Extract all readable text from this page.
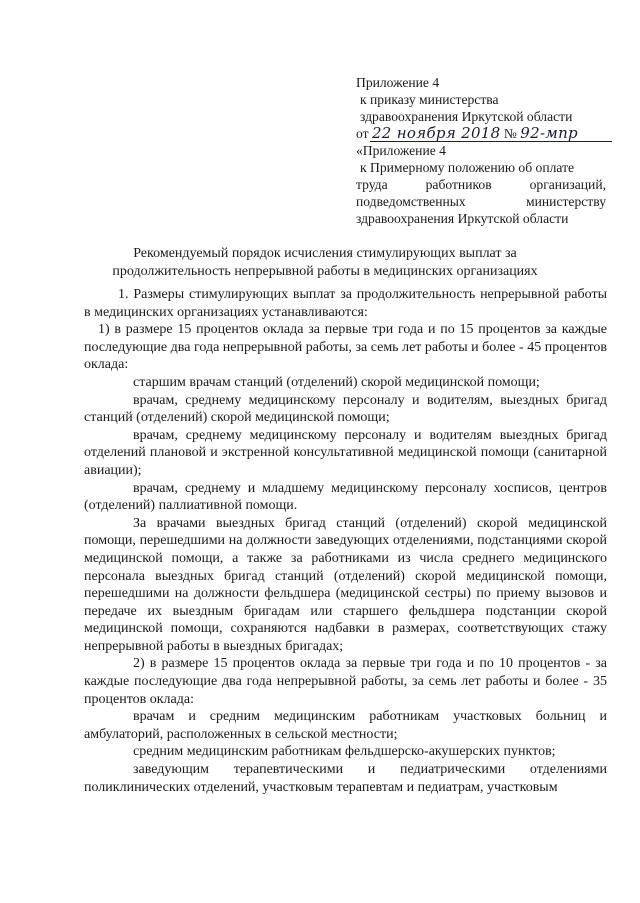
Приложение 4
к приказу министерства
здравоохранения Иркутской области
от 22 ноября 2018 № 92-мпр
«Приложение 4
к Примерному положению об оплате
труда	работников	организаций,
подведомственных	министерству
здравоохранения Иркутской области
Рекомендуемый порядок исчисления стимулирующих выплат за
продолжительность непрерывной работы в медицинских организациях

1. Размеры стимулирующих выплат за продолжительность непрерывной работы в медицинских организациях устанавливаются:

1) в размере 15 процентов оклада за первые три года и по 15 процентов за каждые последующие два года непрерывной работы, за семь лет работы и более - 45 процентов оклада:

старшим врачам станций (отделений) скорой медицинской помощи;

врачам, среднему медицинскому персоналу и водителям, выездных бригад станций (отделений) скорой медицинской помощи;

врачам, среднему медицинскому персоналу и водителям выездных бригад отделений плановой и экстренной консультативной медицинской помощи (санитарной авиации);

врачам, среднему и младшему медицинскому персоналу хосписов, центров (отделений) паллиативной помощи.

За врачами выездных бригад станций (отделений) скорой медицинской помощи, перешедшими на должности заведующих отделениями, подстанциями скорой медицинской помощи, а также за работниками из числа среднего медицинского персонала выездных бригад станций (отделений) скорой медицинской помощи, перешедшими на должности фельдшера (медицинской сестры) по приему вызовов и передаче их выездным бригадам или старшего фельдшера подстанции скорой медицинской помощи, сохраняются надбавки в размерах, соответствующих стажу непрерывной работы в выездных бригадах;

2) в размере 15 процентов оклада за первые три года и по 10 процентов - за каждые последующие два года непрерывной работы, за семь лет работы и более - 35 процентов оклада:

врачам и средним медицинским работникам участковых больниц и амбулаторий, расположенных в сельской местности;

средним медицинским работникам фельдшерско-акушерских пунктов;

заведующим терапевтическими и педиатрическими отделениями поликлинических отделений, участковым терапевтам и педиатрам, участковым
